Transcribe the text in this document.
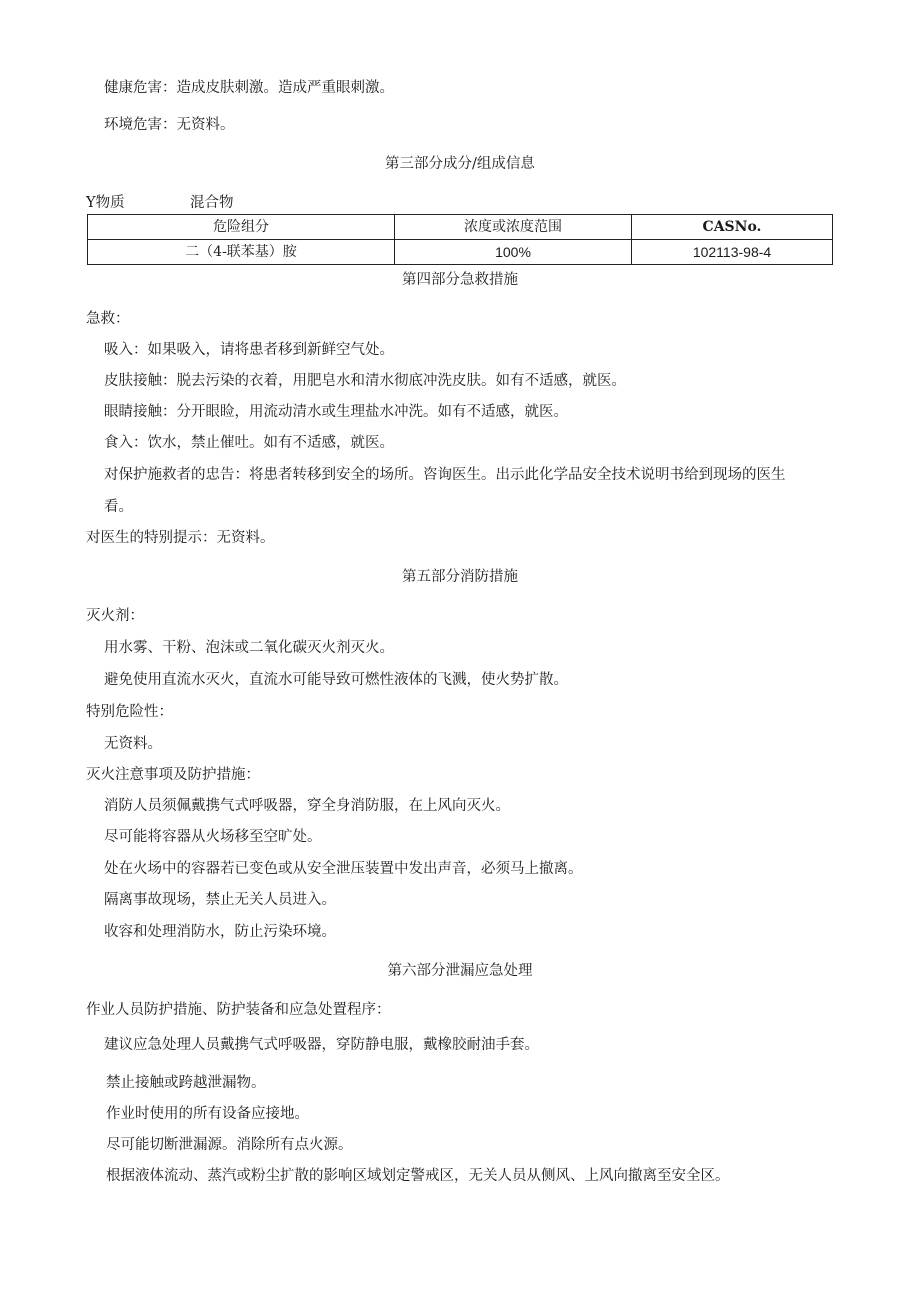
健康危害：造成皮肤刺激。造成严重眼刺激。
环境危害：无资料。
第三部分成分/组成信息
Y物质	混合物
危险组分	浓度或浓度范围	CASNo.
二（4-联苯基）胺	100%	102113-98-4
第四部分急救措施
急救：
吸入：如果吸入，请将患者移到新鲜空气处。
皮肤接触：脱去污染的衣着，用肥皂水和清水彻底冲洗皮肤。如有不适感，就医。
眼睛接触：分开眼睑，用流动清水或生理盐水冲洗。如有不适感，就医。
食入：饮水，禁止催吐。如有不适感，就医。
对保护施救者的忠告：将患者转移到安全的场所。咨询医生。出示此化学品安全技术说明书给到现场的医生
看。
对医生的特别提示：无资料。
第五部分消防措施
灭火剂：
用水雾、干粉、泡沫或二氧化碳灭火剂灭火。
避免使用直流水灭火，直流水可能导致可燃性液体的飞溅，使火势扩散。
特别危险性：
无资料。
灭火注意事项及防护措施：
消防人员须佩戴携气式呼吸器，穿全身消防服，在上风向灭火。
尽可能将容器从火场移至空旷处。
处在火场中的容器若已变色或从安全泄压装置中发出声音，必须马上撤离。
隔离事故现场，禁止无关人员进入。
收容和处理消防水，防止污染环境。
第六部分泄漏应急处理
作业人员防护措施、防护装备和应急处置程序：
建议应急处理人员戴携气式呼吸器，穿防静电服，戴橡胶耐油手套。
禁止接触或跨越泄漏物。
作业时使用的所有设备应接地。
尽可能切断泄漏源。消除所有点火源。
根据液体流动、蒸汽或粉尘扩散的影响区域划定警戒区，无关人员从侧风、上风向撤离至安全区。
